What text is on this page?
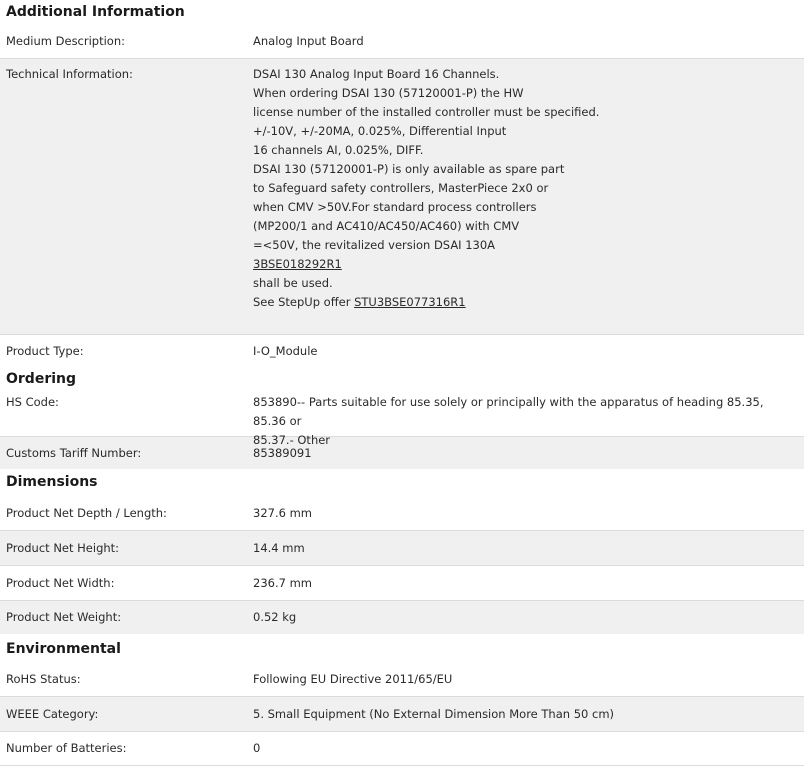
Additional Information
Medium Description:	Analog Input Board
Technical Information:	DSAI 130 Analog Input Board 16 Channels.
When ordering DSAI 130 (57120001-P) the HW
license number of the installed controller must be specified.
+/-10V, +/-20MA, 0.025%, Differential Input
16 channels AI, 0.025%, DIFF.
DSAI 130 (57120001-P) is only available as spare part
to Safeguard safety controllers, MasterPiece 2x0 or
when CMV >50V.For standard process controllers
(MP200/1 and AC410/AC450/AC460) with CMV
=<50V, the revitalized version DSAI 130A
3BSE018292R1
shall be used.
See StepUp offer STU3BSE077316R1
Product Type:	I-O_Module
Ordering
HS Code:	853890-- Parts suitable for use solely or principally with the apparatus of heading 85.35, 85.36 or
85.37.- Other
Customs Tariff Number:	85389091
Dimensions
Product Net Depth / Length:	327.6 mm
Product Net Height:	14.4 mm
Product Net Width:	236.7 mm
Product Net Weight:	0.52 kg
Environmental
RoHS Status:	Following EU Directive 2011/65/EU
WEEE Category:	5. Small Equipment (No External Dimension More Than 50 cm)
Number of Batteries:	0
